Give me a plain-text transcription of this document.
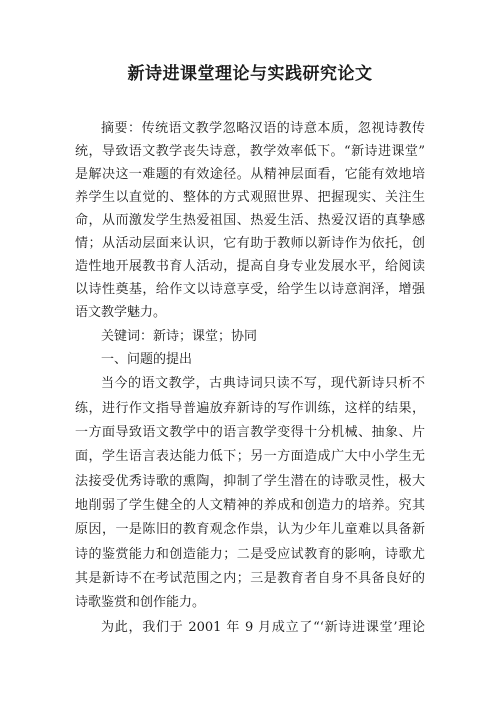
新诗进课堂理论与实践研究论文
摘要：传统语文教学忽略汉语的诗意本质，忽视诗教传
统，导致语文教学丧失诗意，教学效率低下。“新诗进课堂”
是解决这一难题的有效途径。从精神层面看，它能有效地培
养学生以直觉的、整体的方式观照世界、把握现实、关注生
命，从而激发学生热爱祖国、热爱生活、热爱汉语的真挚感
情；从活动层面来认识，它有助于教师以新诗作为依托，创
造性地开展教书育人活动，提高自身专业发展水平，给阅读
以诗性奠基，给作文以诗意享受，给学生以诗意润泽，增强
语文教学魅力。
关键词：新诗；课堂；协同
一、问题的提出
当今的语文教学，古典诗词只读不写，现代新诗只析不
练，进行作文指导普遍放弃新诗的写作训练，这样的结果，
一方面导致语文教学中的语言教学变得十分机械、抽象、片
面，学生语言表达能力低下；另一方面造成广大中小学生无
法接受优秀诗歌的熏陶，抑制了学生潜在的诗歌灵性，极大
地削弱了学生健全的人文精神的养成和创造力的培养。究其
原因，一是陈旧的教育观念作祟，认为少年儿童难以具备新
诗的鉴赏能力和创造能力；二是受应试教育的影响，诗歌尤
其是新诗不在考试范围之内；三是教育者自身不具备良好的
诗歌鉴赏和创作能力。
为此，我们于 2001 年 9 月成立了“‘新诗进课堂’理论
